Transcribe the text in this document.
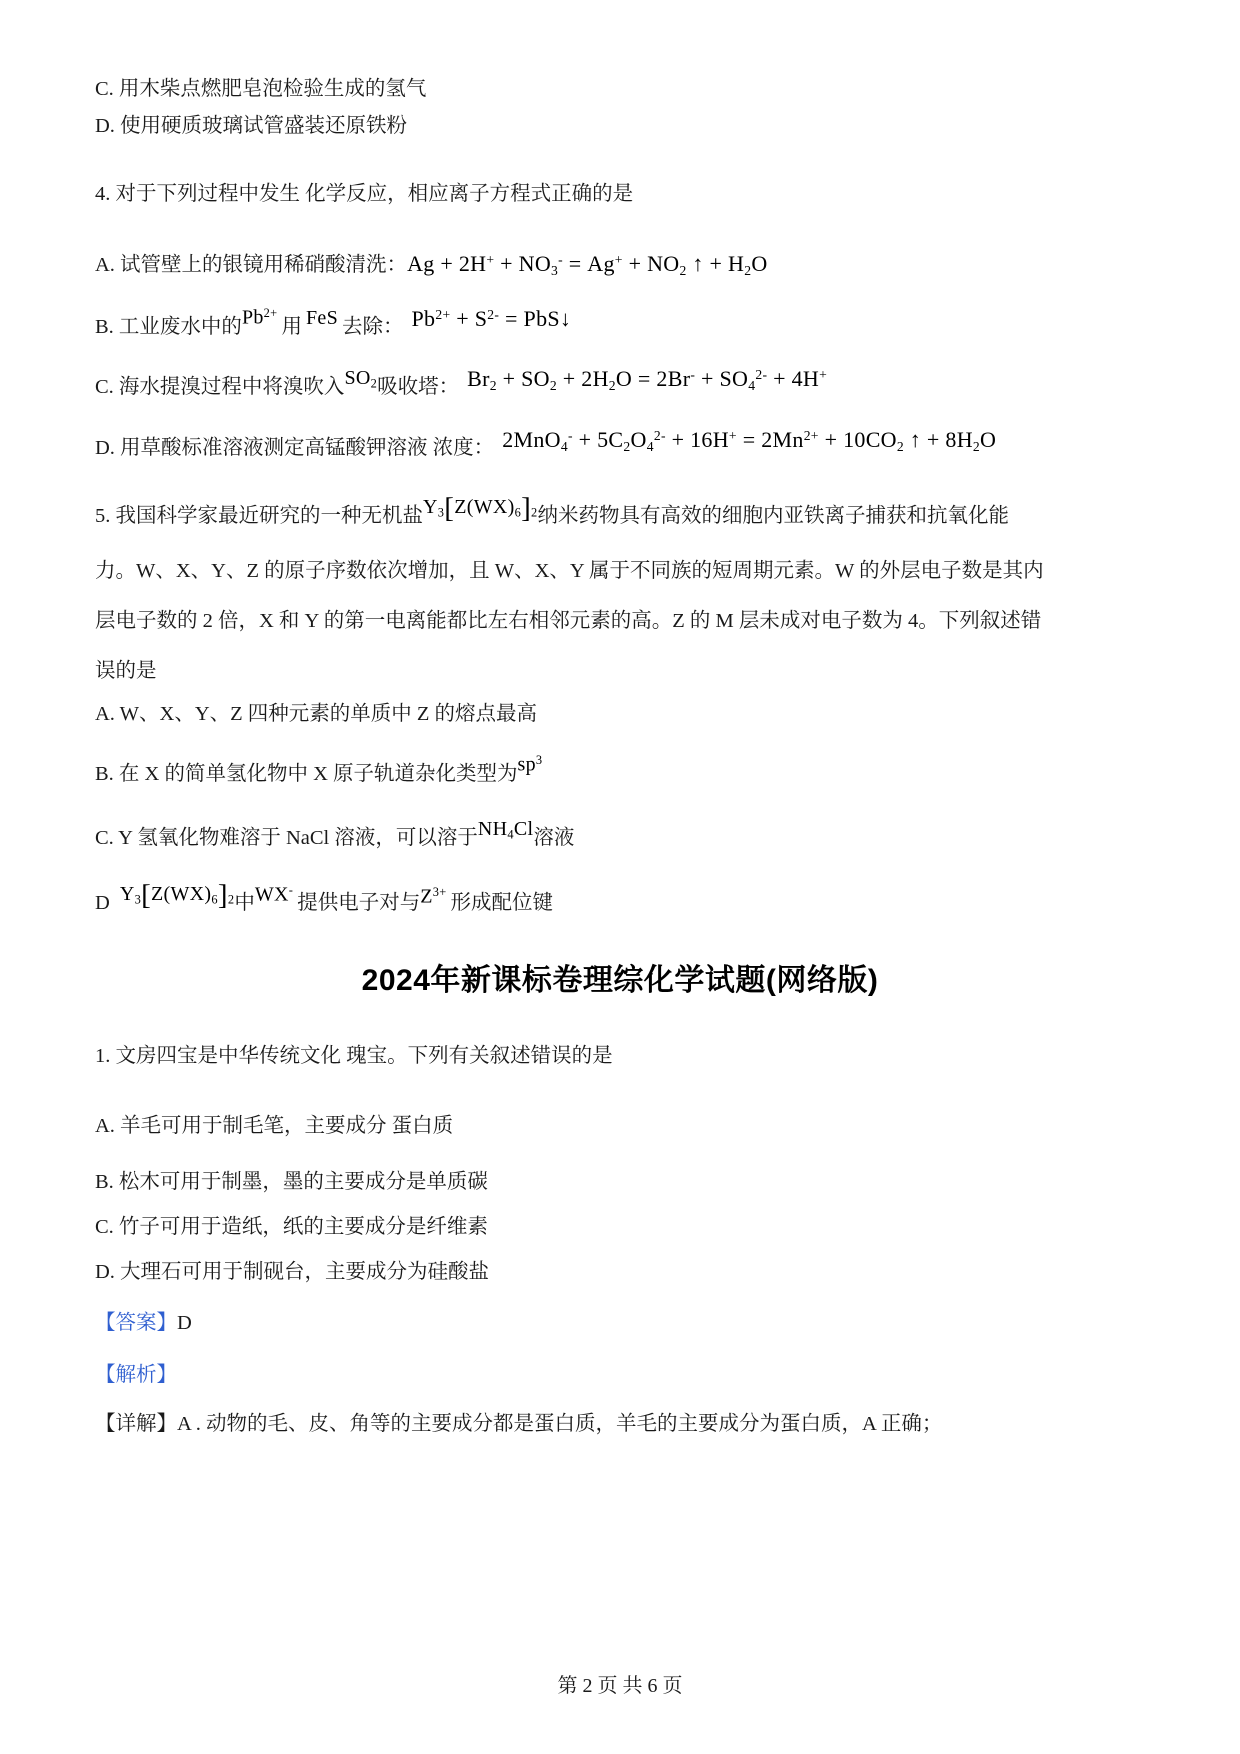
C. 用木柴点燃肥皂泡检验生成的氢气
D. 使用硬质玻璃试管盛装还原铁粉
4. 对于下列过程中发生 化学反应，相应离子方程式正确的是
A. 试管壁上的银镜用稀硝酸清洗： $Ag + 2H^+ + NO_3^- = Ag^+ + NO_2$ ↑ + $H_2O$
B. 工业废水中的 $Pb^{2+}$
用 FeS 去除： $Pb^{2+} + S^{2-}$ = PbS↓
C. 海水提溴过程中将溴吹入 $SO_2$ 吸收塔： $Br_2 + SO_2 + 2H_2O = 2Br^- + SO_4^{2-} + 4H^+$
D. 用草酸标准溶液测定高锰酸钾溶液 浓度： $2MnO_4^- + 5C_2O_4^{2-} + 16H^+ = 2Mn^{2+} + 10CO_2$ ↑ + $8H_2O$
5. 我国科学家最近研究的一种无机盐 $Y_3[Z(WX)_6]_2$ 纳米药物具有高效的细胞内亚铁离子捕获和抗氧化能
力。W、X、Y、Z 的原子序数依次增加，且 W、X、Y 属于不同族的短周期元素。W 的外层电子数是其内
层电子数的 2 倍，X 和 Y 的第一电离能都比左右相邻元素的高。Z 的 M 层未成对电子数为 4。下列叙述错
误的是
A. W、X、Y、Z 四种元素的单质中 Z 的熔点最高
B. 在 X 的简单氢化物中 X 原子轨道杂化类型为 $sp^3$
C. Y 氢氧化物难溶于 NaCl 溶液，可以溶于 $NH_4Cl$ 溶液
D $Y_3[Z(WX)_6]_2$ 中 WX-
提供电子对与 $Z^{3+}$
形成配位键
2024年新课标卷理综化学试题(网络版)
1. 文房四宝是中华传统文化 瑰宝。下列有关叙述错误的是
A. 羊毛可用于制毛笔，主要成分 蛋白质
B. 松木可用于制墨，墨的主要成分是单质碳
C. 竹子可用于造纸，纸的主要成分是纤维素
D. 大理石可用于制砚台，主要成分为硅酸盐
【答案】D
【解析】
【详解】A . 动物的毛、皮、角等的主要成分都是蛋白质，羊毛的主要成分为蛋白质，A 正确；
第 2 页 共 6 页
